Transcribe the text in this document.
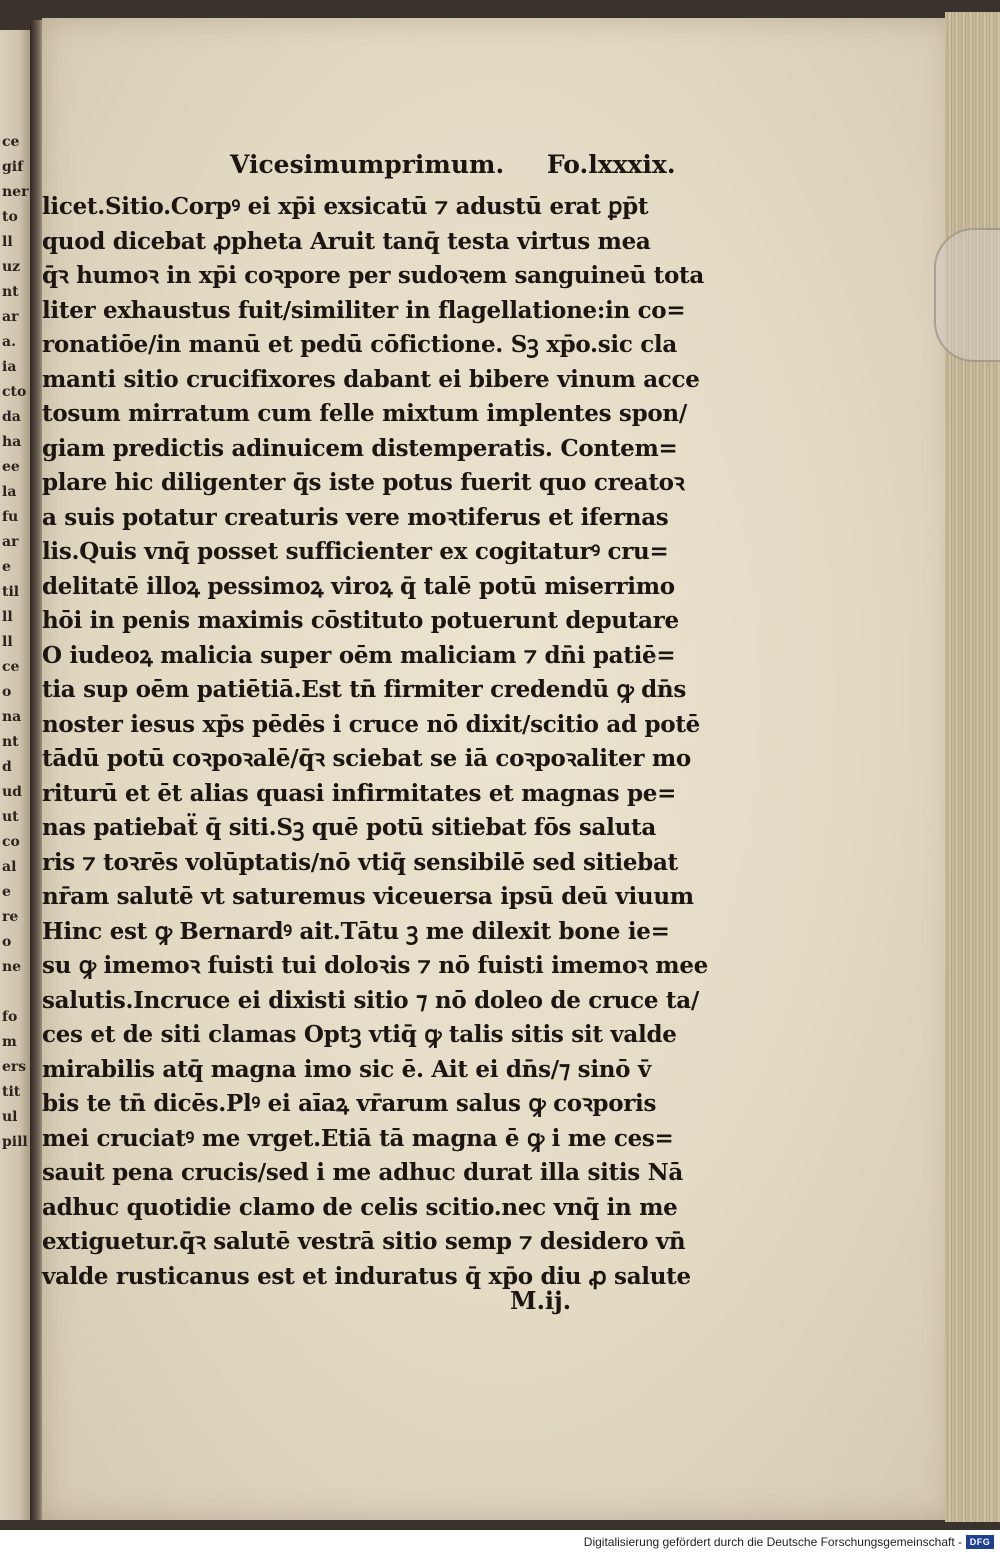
ce
gif
ner
to
ll
uz
nt
ar
a.
ia
cto
da
ha
ee
la
fu
ar
e
til
ll
ll
ce
o
na
nt
d
ud
ut
co
al
e
re
o
ne
fo
m
ers
tit
ul
pill
Vicesimumprimum. Fo.lxxxix.
licet.Sitio.Corpꝰ ei xp̄i exsicatū ⁊ adustū erat ꝑp̄t
quod dicebat ꝓpheta Aruit tanq̄ testa virtus mea
q̄ꝛ humoꝛ in xp̄i coꝛpore per sudoꝛem sanguineū tota
liter exhaustus fuit/similiter in flagellatione:in co=
ronatiōe/in manū et pedū cōfictione. Sꝫ xp̄o.sic cla
manti sitio crucifixores dabant ei bibere vinum acce
tosum mirratum cum felle mixtum implentes spon/
giam predictis adinuicem distemperatis. Contem=
plare hic diligenter q̄s iste potus fuerit quo creatoꝛ
a suis potatur creaturis vere moꝛtiferus et ifernas
lis.Quis vnq̄ posset sufficienter ex cogitaturꝰ cru=
delitatē illoꝝ pessimoꝝ viroꝝ q̄ talē potū miserrimo
hōi in penis maximis cōstituto potuerunt deputare
O iudeoꝝ malicia super oēm maliciam ⁊ dn̄i patiē=
tia sup oēm patiētiā.Est tn̄ firmiter credendū ꝙ dn̄s
noster iesus xp̄s pēdēs i cruce nō dixit/scitio ad potē
tādū potū coꝛpoꝛalē/q̄ꝛ sciebat se iā coꝛpoꝛaliter mo
riturū et ēt alias quasi infirmitates et magnas pe=
nas patiebaẗ q̄ siti.Sꝫ quē potū sitiebat fōs saluta
ris ⁊ toꝛrēs volūptatis/nō vtiq̄ sensibilē sed sitiebat
nr̄am salutē vt saturemus viceuersa ipsū deū viuum
Hinc est ꝙ Bernardꝰ ait.Tātu ꝫ me dilexit bone ie=
su ꝙ imemoꝛ fuisti tui doloꝛis ⁊ nō fuisti imemoꝛ mee
salutis.Incruce ei dixisti sitio ⁊ nō doleo de cruce ta/
ces et de siti clamas Optꝫ vtiq̄ ꝙ talis sitis sit valde
mirabilis atq̄ magna imo sic ē. Ait ei dn̄s/⁊ sinō v̄
bis te tn̄ dicēs.Plꝰ ei aīaꝝ vr̄arum salus ꝙ coꝛporis
mei cruciatꝰ me vrget.Etiā tā magna ē ꝙ i me ces=
sauit pena crucis/sed i me adhuc durat illa sitis Nā
adhuc quotidie clamo de celis scitio.nec vnq̄ in me
extiguetur.q̄ꝛ salutē vestrā sitio semp ⁊ desidero vn̄
valde rusticanus est et induratus q̄ xp̄o diu ꝓ salute
M.ij.
Digitalisierung gefördert durch die Deutsche Forschungsgemeinschaft - DFG
